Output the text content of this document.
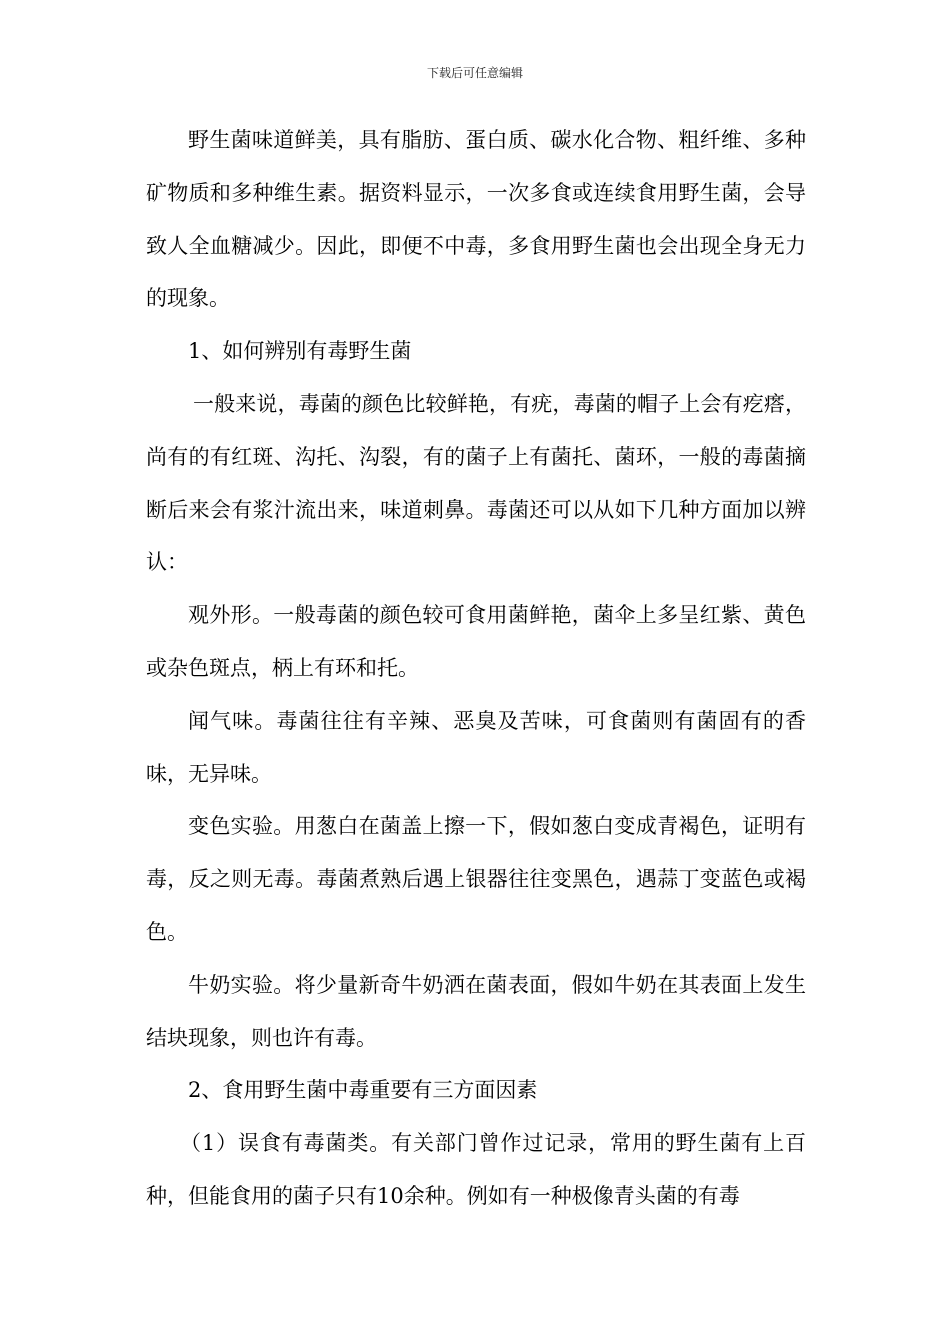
下载后可任意编辑

野生菌味道鲜美，具有脂肪、蛋白质、碳水化合物、粗纤维、多种矿物质和多种维生素。据资料显示，一次多食或连续食用野生菌，会导致人全血糖减少。因此，即便不中毒，多食用野生菌也会出现全身无力的现象。

1、如何辨别有毒野生菌

一般来说，毒菌的颜色比较鲜艳，有疣，毒菌的帽子上会有疙瘩，尚有的有红斑、沟托、沟裂，有的菌子上有菌托、菌环，一般的毒菌摘断后来会有浆汁流出来，味道刺鼻。毒菌还可以从如下几种方面加以辨认：

观外形。一般毒菌的颜色较可食用菌鲜艳，菌伞上多呈红紫、黄色或杂色斑点，柄上有环和托。

闻气味。毒菌往往有辛辣、恶臭及苦味，可食菌则有菌固有的香味，无异味。

变色实验。用葱白在菌盖上擦一下，假如葱白变成青褐色，证明有毒，反之则无毒。毒菌煮熟后遇上银器往往变黑色，遇蒜丁变蓝色或褐色。

牛奶实验。将少量新奇牛奶洒在菌表面，假如牛奶在其表面上发生结块现象，则也许有毒。

2、食用野生菌中毒重要有三方面因素

（1）误食有毒菌类。有关部门曾作过记录，常用的野生菌有上百种，但能食用的菌子只有10余种。例如有一种极像青头菌的有毒
